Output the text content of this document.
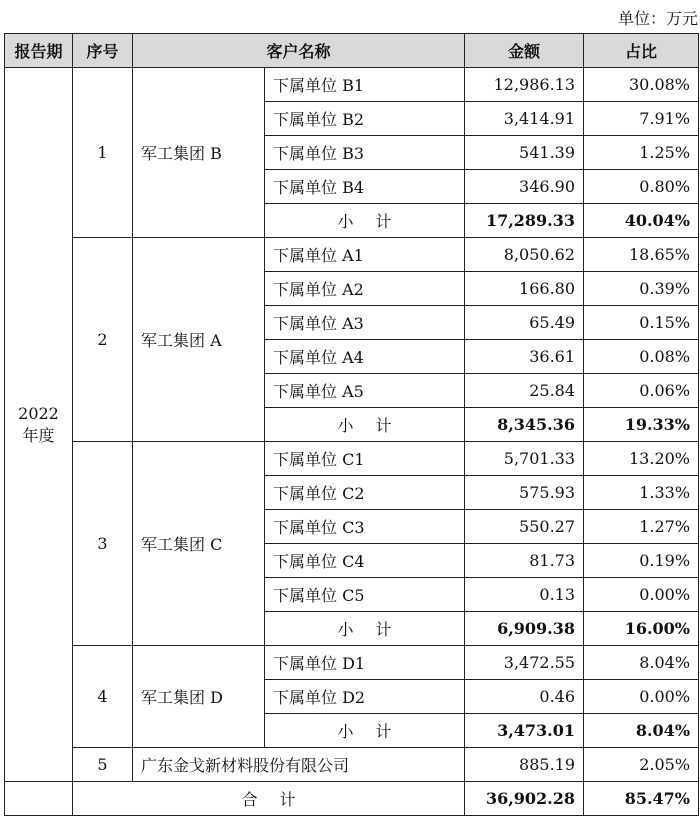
单位：万元
报告期	序号	客户名称		金额	占比
2022
年度	1	军工集团 B	下属单位 B1	12,986.13	30.08%
			下属单位 B2	3,414.91	7.91%
			下属单位 B3	541.39	1.25%
			下属单位 B4	346.90	0.80%
			小 计	17,289.33	40.04%
	2	军工集团 A	下属单位 A1	8,050.62	18.65%
			下属单位 A2	166.80	0.39%
			下属单位 A3	65.49	0.15%
			下属单位 A4	36.61	0.08%
			下属单位 A5	25.84	0.06%
			小 计	8,345.36	19.33%
	3	军工集团 C	下属单位 C1	5,701.33	13.20%
			下属单位 C2	575.93	1.33%
			下属单位 C3	550.27	1.27%
			下属单位 C4	81.73	0.19%
			下属单位 C5	0.13	0.00%
			小 计	6,909.38	16.00%
	4	军工集团 D	下属单位 D1	3,472.55	8.04%
			下属单位 D2	0.46	0.00%
			小 计	3,473.01	8.04%
	5	广东金戈新材料股份有限公司		885.19	2.05%
	合 计			36,902.28	85.47%
